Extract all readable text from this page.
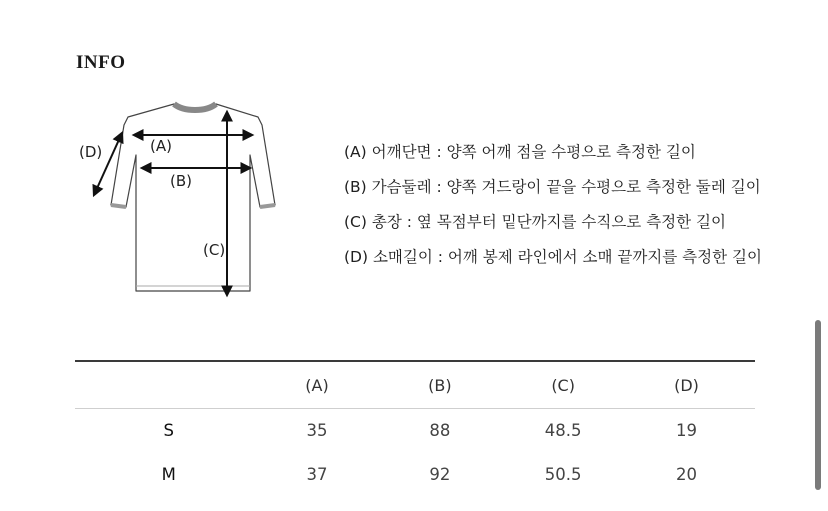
INFO
(A)
(B)
(C)
(D)	(A) 어깨단면 : 양쪽 어깨 점을 수평으로 측정한 길이
(B) 가슴둘레 : 양쪽 겨드랑이 끝을 수평으로 측정한 둘레 길이
(C) 총장 : 옆 목점부터 밑단까지를 수직으로 측정한 길이
(D) 소매길이 : 어깨 봉제 라인에서 소매 끝까지를 측정한 길이
	(A)	(B)	(C)	(D)
S	35	88	48.5	19
M	37	92	50.5	20
